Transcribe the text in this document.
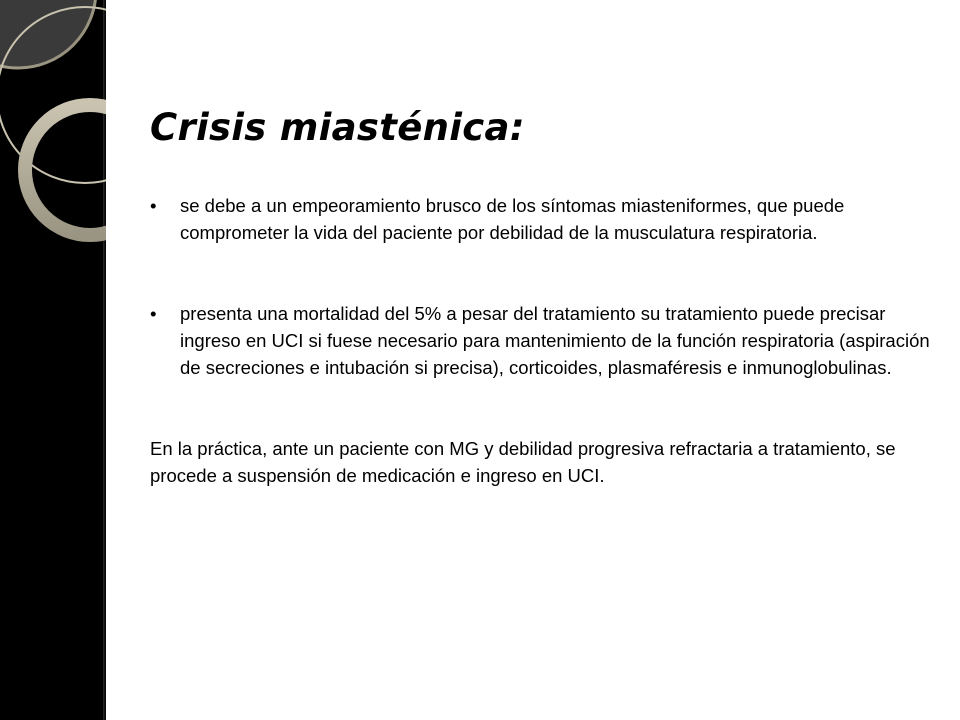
Crisis miasténica:

•	se debe a un empeoramiento brusco de los síntomas miasteniformes, que puede comprometer la vida del paciente por debilidad de la musculatura respiratoria.

•	presenta una mortalidad del 5% a pesar del tratamiento su tratamiento puede precisar ingreso en UCI si fuese necesario para mantenimiento de la función respiratoria (aspiración de secreciones e intubación si precisa), corticoides, plasmaféresis e inmunoglobulinas.

En la práctica, ante un paciente con MG y debilidad progresiva refractaria a tratamiento, se procede a suspensión de medicación e ingreso en UCI.
